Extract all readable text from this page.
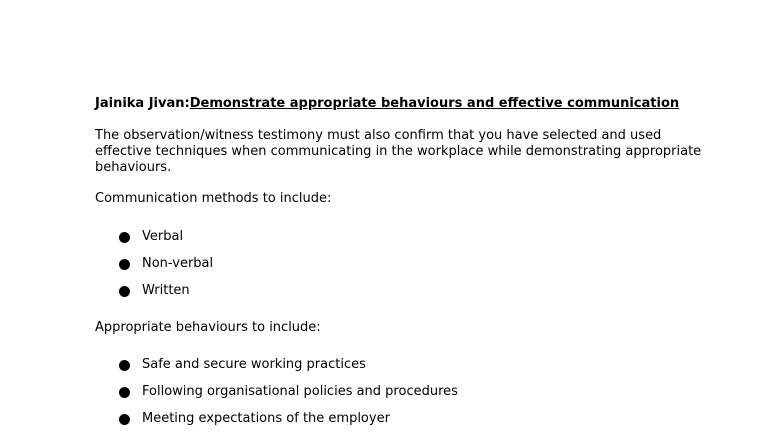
Jainika Jivan:Demonstrate appropriate behaviours and effective communication

The observation/witness testimony must also confirm that you have selected and used effective techniques when communicating in the workplace while demonstrating appropriate behaviours.

Communication methods to include:

Verbal
Non-verbal
Written

Appropriate behaviours to include:

Safe and secure working practices
Following organisational policies and procedures
Meeting expectations of the employer
